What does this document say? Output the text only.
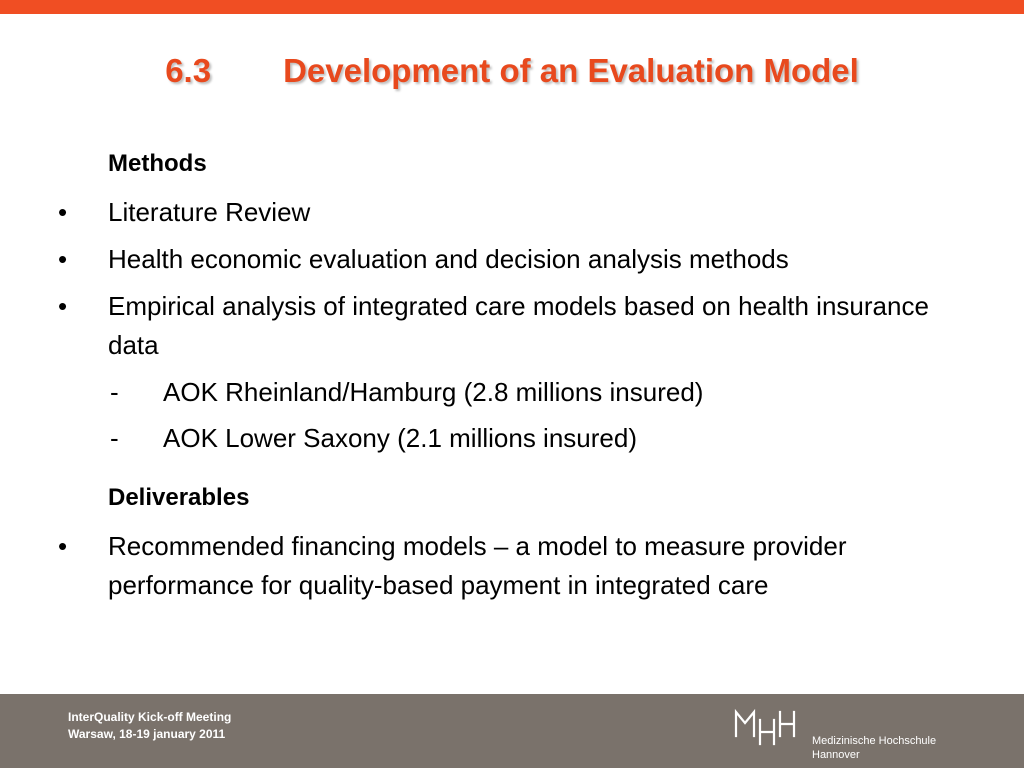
6.3 Development of an Evaluation Model
Methods
• Literature Review
• Health economic evaluation and decision analysis methods
• Empirical analysis of integrated care models based on health insurance data
- AOK Rheinland/Hamburg (2.8 millions insured)
- AOK Lower Saxony (2.1 millions insured)
Deliverables
• Recommended financing models – a model to measure provider performance for quality-based payment in integrated care
InterQuality Kick-off Meeting
Warsaw, 18-19 january 2011	Medizinische Hochschule
Hannover
